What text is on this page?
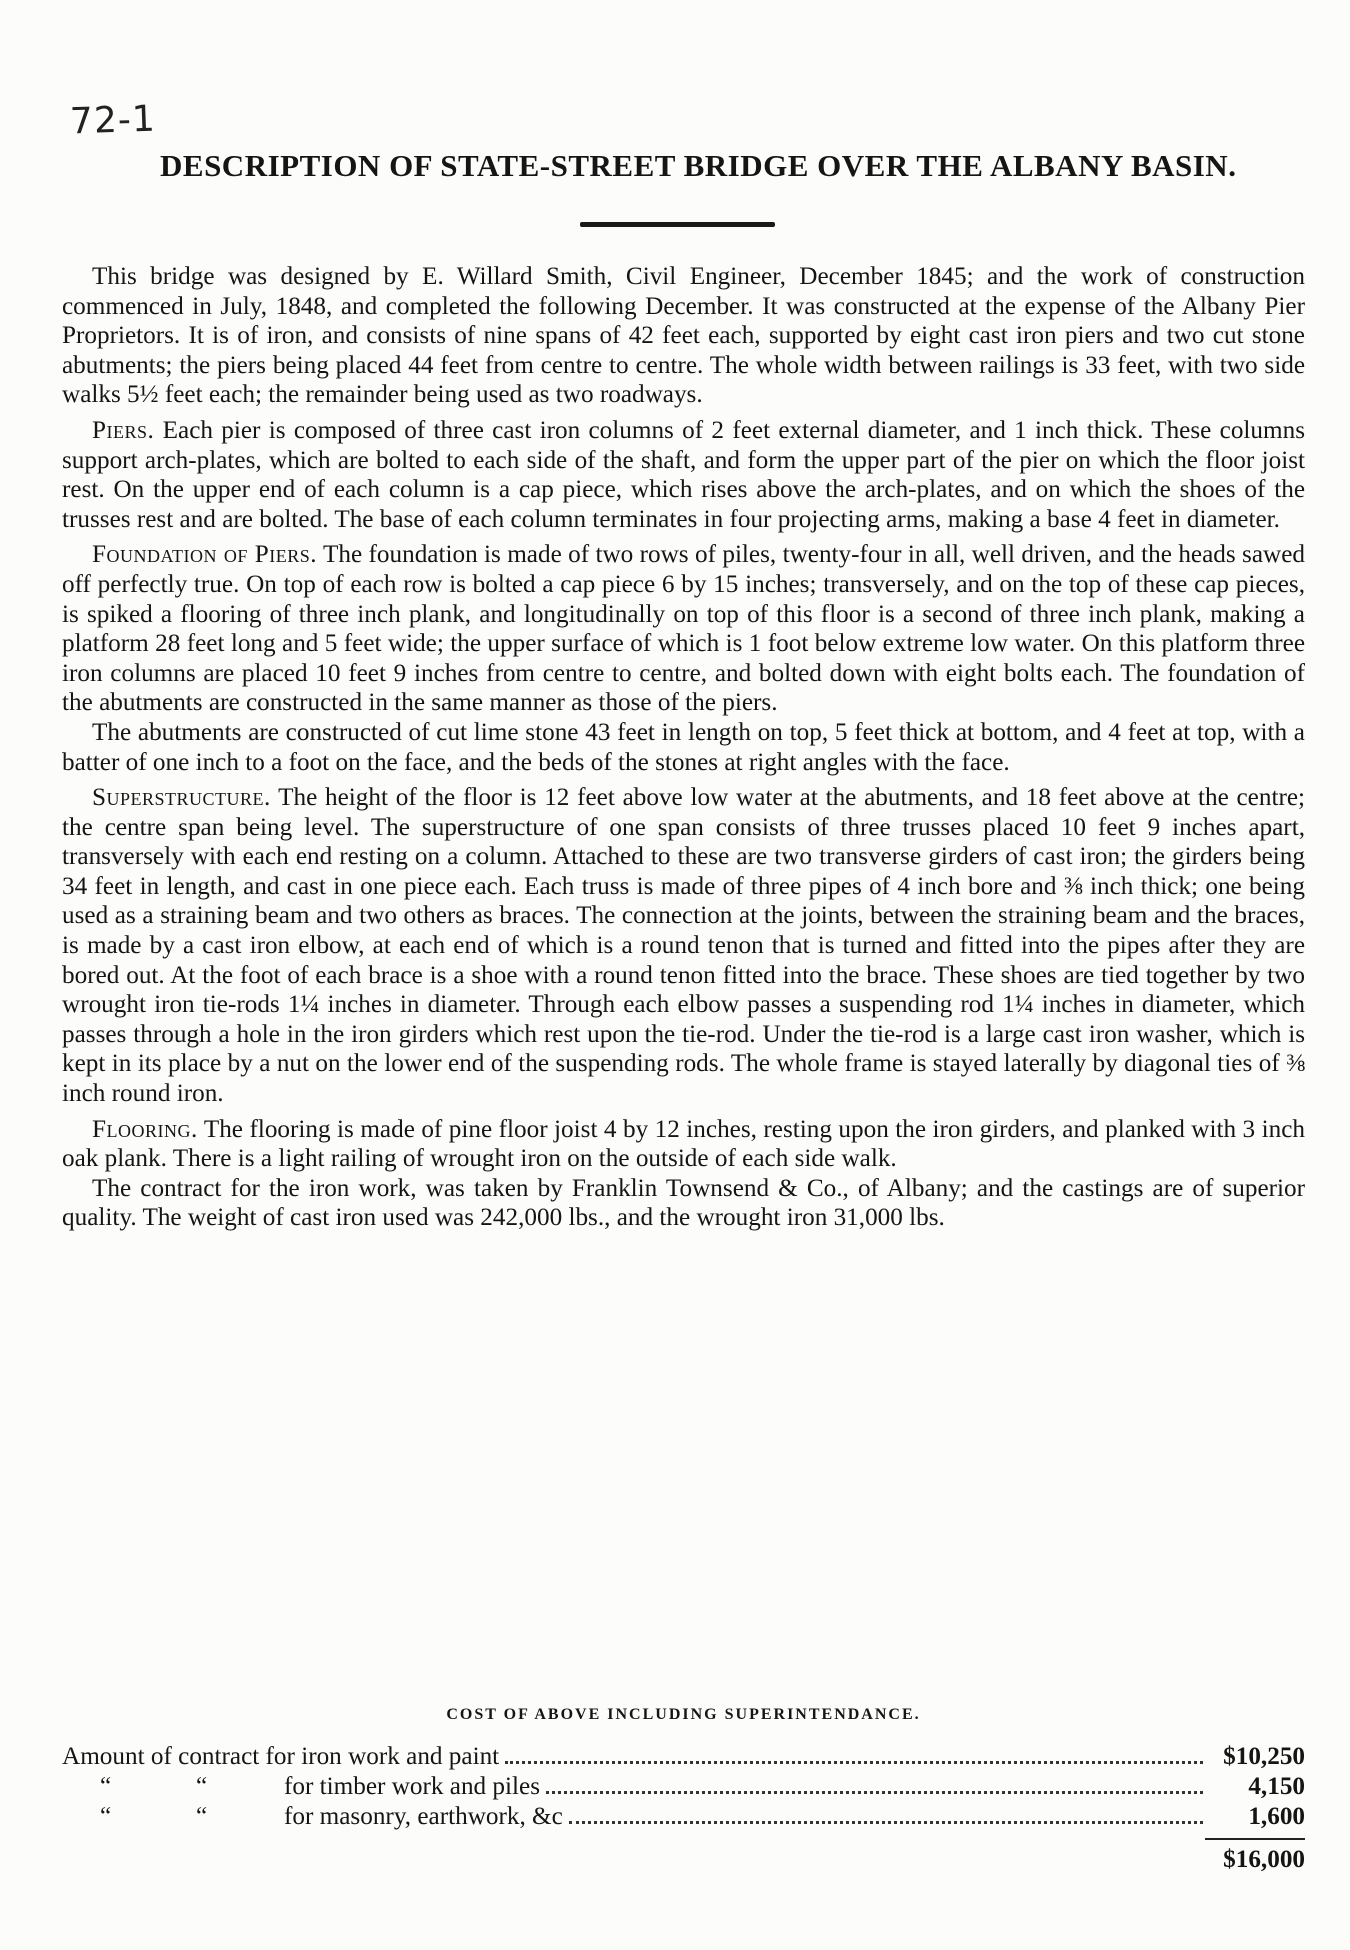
72-1
DESCRIPTION OF STATE-STREET BRIDGE OVER THE ALBANY BASIN.

This bridge was designed by E. Willard Smith, Civil Engineer, December 1845; and the work of construction commenced in July, 1848, and completed the following December. It was constructed at the expense of the Albany Pier Proprietors. It is of iron, and consists of nine spans of 42 feet each, supported by eight cast iron piers and two cut stone abutments; the piers being placed 44 feet from centre to centre. The whole width between railings is 33 feet, with two side walks 5½ feet each; the remainder being used as two roadways.

Piers. Each pier is composed of three cast iron columns of 2 feet external diameter, and 1 inch thick. These columns support arch-plates, which are bolted to each side of the shaft, and form the upper part of the pier on which the floor joist rest. On the upper end of each column is a cap piece, which rises above the arch-plates, and on which the shoes of the trusses rest and are bolted. The base of each column terminates in four projecting arms, making a base 4 feet in diameter.

Foundation of Piers. The foundation is made of two rows of piles, twenty-four in all, well driven, and the heads sawed off perfectly true. On top of each row is bolted a cap piece 6 by 15 inches; transversely, and on the top of these cap pieces, is spiked a flooring of three inch plank, and longitudinally on top of this floor is a second of three inch plank, making a platform 28 feet long and 5 feet wide; the upper surface of which is 1 foot below extreme low water. On this platform three iron columns are placed 10 feet 9 inches from centre to centre, and bolted down with eight bolts each. The foundation of the abutments are constructed in the same manner as those of the piers.

The abutments are constructed of cut lime stone 43 feet in length on top, 5 feet thick at bottom, and 4 feet at top, with a batter of one inch to a foot on the face, and the beds of the stones at right angles with the face.

Superstructure. The height of the floor is 12 feet above low water at the abutments, and 18 feet above at the centre; the centre span being level. The superstructure of one span consists of three trusses placed 10 feet 9 inches apart, transversely with each end resting on a column. Attached to these are two transverse girders of cast iron; the girders being 34 feet in length, and cast in one piece each. Each truss is made of three pipes of 4 inch bore and ⅜ inch thick; one being used as a straining beam and two others as braces. The connection at the joints, between the straining beam and the braces, is made by a cast iron elbow, at each end of which is a round tenon that is turned and fitted into the pipes after they are bored out. At the foot of each brace is a shoe with a round tenon fitted into the brace. These shoes are tied together by two wrought iron tie-rods 1¼ inches in diameter. Through each elbow passes a suspending rod 1¼ inches in diameter, which passes through a hole in the iron girders which rest upon the tie-rod. Under the tie-rod is a large cast iron washer, which is kept in its place by a nut on the lower end of the suspending rods. The whole frame is stayed laterally by diagonal ties of ⅜ inch round iron.

Flooring. The flooring is made of pine floor joist 4 by 12 inches, resting upon the iron girders, and planked with 3 inch oak plank. There is a light railing of wrought iron on the outside of each side walk.

The contract for the iron work, was taken by Franklin Townsend & Co., of Albany; and the castings are of superior quality. The weight of cast iron used was 242,000 lbs., and the wrought iron 31,000 lbs.

COST OF ABOVE INCLUDING SUPERINTENDANCE.
Amount of contract for iron work and paint	$10,250
“	“	for timber work and piles	4,150
“	“	for masonry, earthwork, &c	1,600
$16,000
